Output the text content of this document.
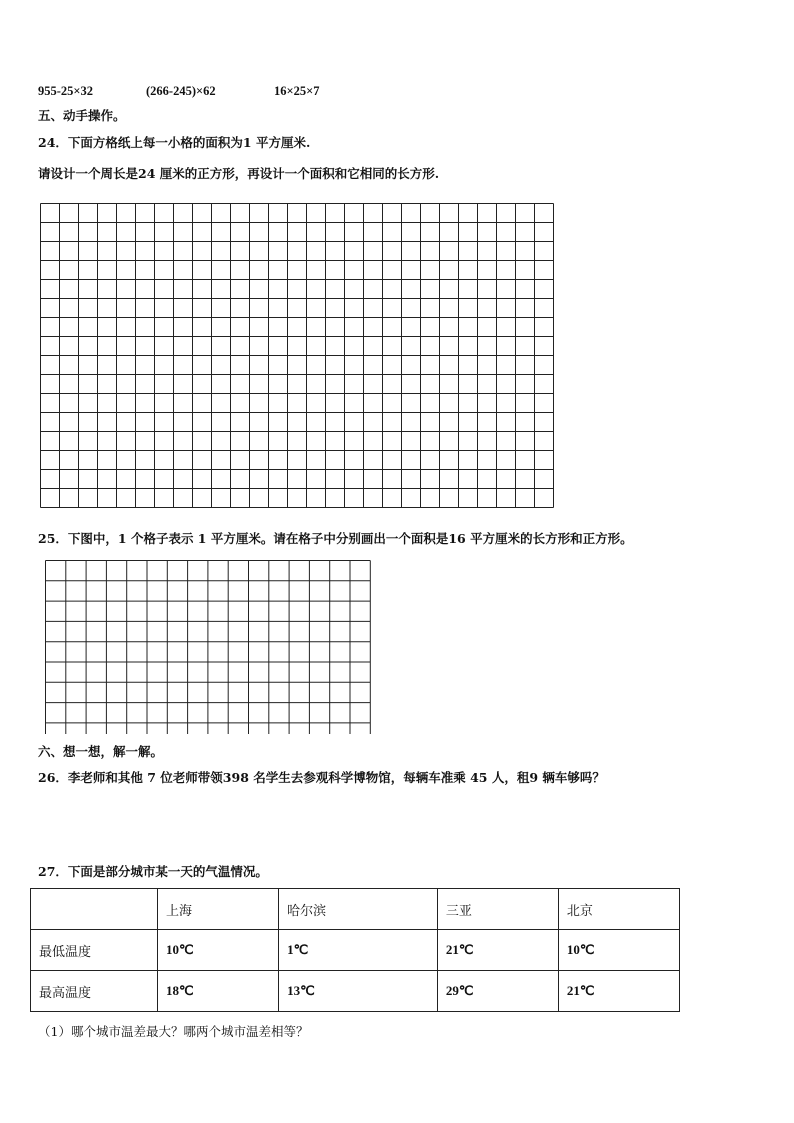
955-25×32	(266-245)×62	16×25×7
五、动手操作。
24．下面方格纸上每一小格的面积为1 平方厘米.
请设计一个周长是24 厘米的正方形，再设计一个面积和它相同的长方形.
25．下图中，1 个格子表示 1 平方厘米。请在格子中分别画出一个面积是16 平方厘米的长方形和正方形。
六、想一想，解一解。
26．李老师和其他 7 位老师带领398 名学生去参观科学博物馆，每辆车准乘 45 人，租9 辆车够吗？
27．下面是部分城市某一天的气温情况。
	上海	哈尔滨	三亚	北京
最低温度	10℃	1℃	21℃	10℃
最高温度	18℃	13℃	29℃	21℃
（1）哪个城市温差最大？哪两个城市温差相等？
